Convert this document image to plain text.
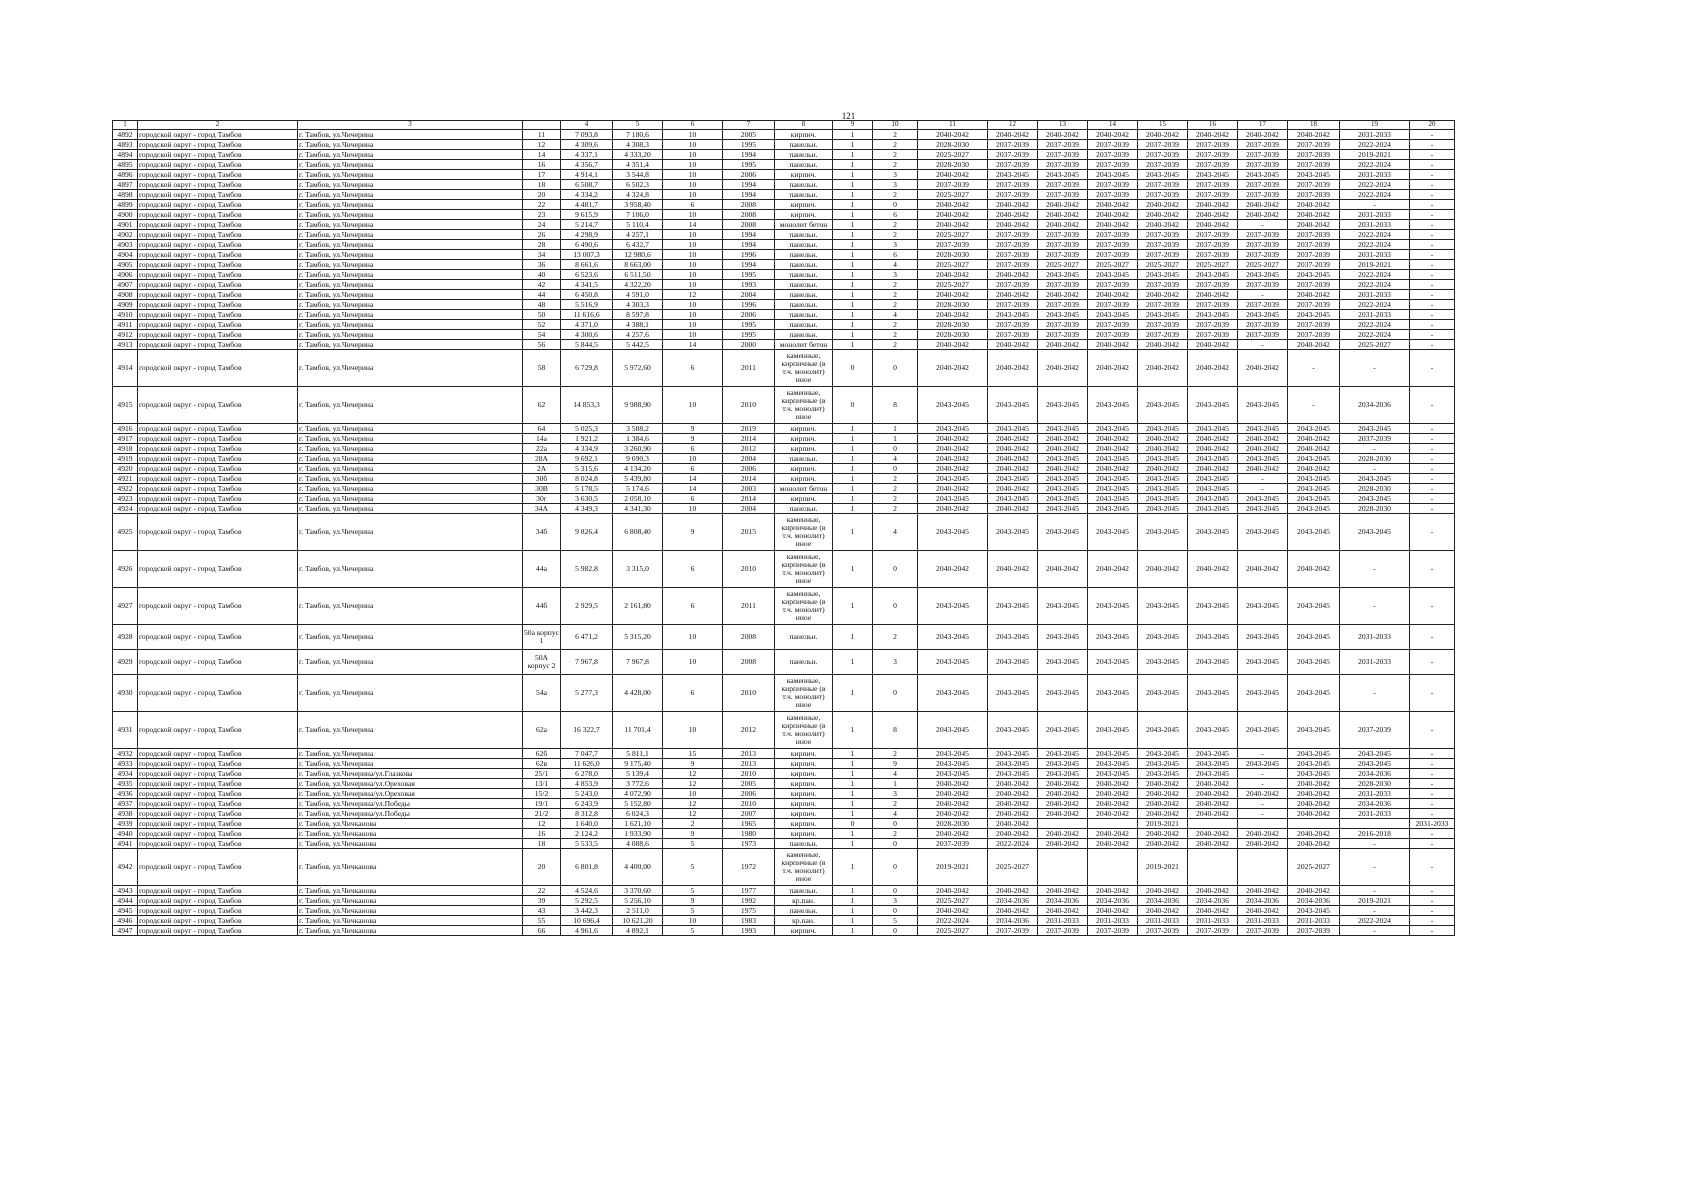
121
1	2	3		4	5	6	7	8	9	10	11	12	13	14	15	16	17	18	19	20
4892	городской округ - город Тамбов	г. Тамбов, ул.Чичерина	11	7 093,8	7 180,6	10	2005	кирпич.	1	2	2040-2042	2040-2042	2040-2042	2040-2042	2040-2042	2040-2042	2040-2042	2040-2042	2031-2033	-
4893	городской округ - город Тамбов	г. Тамбов, ул.Чичерина	12	4 309,6	4 308,3	10	1995	панельн.	1	2	2028-2030	2037-2039	2037-2039	2037-2039	2037-2039	2037-2039	2037-2039	2037-2039	2022-2024	-
4894	городской округ - город Тамбов	г. Тамбов, ул.Чичерина	14	4 337,1	4 333,20	10	1994	панельн.	1	2	2025-2027	2037-2039	2037-2039	2037-2039	2037-2039	2037-2039	2037-2039	2037-2039	2019-2021	-
4895	городской округ - город Тамбов	г. Тамбов, ул.Чичерина	16	4 356,7	4 351,4	10	1995	панельн.	1	2	2028-2030	2037-2039	2037-2039	2037-2039	2037-2039	2037-2039	2037-2039	2037-2039	2022-2024	-
4896	городской округ - город Тамбов	г. Тамбов, ул.Чичерина	17	4 914,1	3 544,8	10	2006	кирпич.	1	3	2040-2042	2043-2045	2043-2045	2043-2045	2043-2045	2043-2045	2043-2045	2043-2045	2031-2033	-
4897	городской округ - город Тамбов	г. Тамбов, ул.Чичерина	18	6 508,7	6 502,3	10	1994	панельн.	1	3	2037-2039	2037-2039	2037-2039	2037-2039	2037-2039	2037-2039	2037-2039	2037-2039	2022-2024	-
4898	городской округ - город Тамбов	г. Тамбов, ул.Чичерина	20	4 334,2	4 324,8	10	1994	панельн.	1	2	2025-2027	2037-2039	2037-2039	2037-2039	2037-2039	2037-2039	2037-2039	2037-2039	2022-2024	-
4899	городской округ - город Тамбов	г. Тамбов, ул.Чичерина	22	4 481,7	3 958,40	6	2008	кирпич.	1	0	2040-2042	2040-2042	2040-2042	2040-2042	2040-2042	2040-2042	2040-2042	2040-2042	-	-
4900	городской округ - город Тамбов	г. Тамбов, ул.Чичерина	23	9 615,9	7 106,0	10	2008	кирпич.	1	6	2040-2042	2040-2042	2040-2042	2040-2042	2040-2042	2040-2042	2040-2042	2040-2042	2031-2033	-
4901	городской округ - город Тамбов	г. Тамбов, ул.Чичерина	24	5 214,7	5 110,4	14	2008	монолит бетон	1	2	2040-2042	2040-2042	2040-2042	2040-2042	2040-2042	2040-2042	-	2040-2042	2031-2033	-
4902	городской округ - город Тамбов	г. Тамбов, ул.Чичерина	26	4 298,9	4 257,1	10	1994	панельн.	1	2	2025-2027	2037-2039	2037-2039	2037-2039	2037-2039	2037-2039	2037-2039	2037-2039	2022-2024	-
4903	городской округ - город Тамбов	г. Тамбов, ул.Чичерина	28	6 490,6	6 432,7	10	1994	панельн.	1	3	2037-2039	2037-2039	2037-2039	2037-2039	2037-2039	2037-2039	2037-2039	2037-2039	2022-2024	-
4904	городской округ - город Тамбов	г. Тамбов, ул.Чичерина	34	13 007,3	12 980,6	10	1996	панельн.	1	6	2028-2030	2037-2039	2037-2039	2037-2039	2037-2039	2037-2039	2037-2039	2037-2039	2031-2033	-
4905	городской округ - город Тамбов	г. Тамбов, ул.Чичерина	36	8 661,6	8 663,00	10	1994	панельн.	1	4	2025-2027	2037-2039	2025-2027	2025-2027	2025-2027	2025-2027	2025-2027	2037-2039	2019-2021	-
4906	городской округ - город Тамбов	г. Тамбов, ул.Чичерина	40	6 523,6	6 511,50	10	1995	панельн.	1	3	2040-2042	2040-2042	2043-2045	2043-2045	2043-2045	2043-2045	2043-2045	2043-2045	2022-2024	-
4907	городской округ - город Тамбов	г. Тамбов, ул.Чичерина	42	4 341,5	4 322,20	10	1993	панельн.	1	2	2025-2027	2037-2039	2037-2039	2037-2039	2037-2039	2037-2039	2037-2039	2037-2039	2022-2024	-
4908	городской округ - город Тамбов	г. Тамбов, ул.Чичерина	44	6 450,8	4 591,0	12	2004	панельн.	1	2	2040-2042	2040-2042	2040-2042	2040-2042	2040-2042	2040-2042	-	2040-2042	2031-2033	-
4909	городской округ - город Тамбов	г. Тамбов, ул.Чичерина	48	5 516,9	4 303,3	10	1996	панельн.	1	2	2028-2030	2037-2039	2037-2039	2037-2039	2037-2039	2037-2039	2037-2039	2037-2039	2022-2024	-
4910	городской округ - город Тамбов	г. Тамбов, ул.Чичерина	50	11 616,6	8 597,8	10	2006	панельн.	1	4	2040-2042	2043-2045	2043-2045	2043-2045	2043-2045	2043-2045	2043-2045	2043-2045	2031-2033	-
4911	городской округ - город Тамбов	г. Тамбов, ул.Чичерина	52	4 371,0	4 388,1	10	1995	панельн.	1	2	2028-2030	2037-2039	2037-2039	2037-2039	2037-2039	2037-2039	2037-2039	2037-2039	2022-2024	-
4912	городской округ - город Тамбов	г. Тамбов, ул.Чичерина	54	4 300,6	4 257,6	10	1995	панельн.	1	2	2028-2030	2037-2039	2037-2039	2037-2039	2037-2039	2037-2039	2037-2039	2037-2039	2022-2024	-
4913	городской округ - город Тамбов	г. Тамбов, ул.Чичерина	56	5 844,5	5 442,5	14	2000	монолит бетон	1	2	2040-2042	2040-2042	2040-2042	2040-2042	2040-2042	2040-2042	-	2040-2042	2025-2027	-
4914	городской округ - город Тамбов	г. Тамбов, ул.Чичерина	58	6 729,8	5 972,60	6	2011	каменные, кирпичные (в т.ч. монолит) иное	0	0	2040-2042	2040-2042	2040-2042	2040-2042	2040-2042	2040-2042	2040-2042	-	-	-
4915	городской округ - город Тамбов	г. Тамбов, ул.Чичерина	62	14 853,3	9 988,90	10	2010	каменные, кирпичные (в т.ч. монолит) иное	0	8	2043-2045	2043-2045	2043-2045	2043-2045	2043-2045	2043-2045	2043-2045	-	2034-2036	-
4916	городской округ - город Тамбов	г. Тамбов, ул.Чичерина	64	5 025,3	3 588,2	9	2019	кирпич.	1	1	2043-2045	2043-2045	2043-2045	2043-2045	2043-2045	2043-2045	2043-2045	2043-2045	2043-2045	-
4917	городской округ - город Тамбов	г. Тамбов, ул.Чичерина	14а	1 921,2	1 384,6	9	2014	кирпич.	1	1	2040-2042	2040-2042	2040-2042	2040-2042	2040-2042	2040-2042	2040-2042	2040-2042	2037-2039	-
4918	городской округ - город Тамбов	г. Тамбов, ул.Чичерина	22а	4 334,9	3 260,90	6	2012	кирпич.	1	0	2040-2042	2040-2042	2040-2042	2040-2042	2040-2042	2040-2042	2040-2042	2040-2042	-	-
4919	городской округ - город Тамбов	г. Тамбов, ул.Чичерина	28А	9 692,1	9 690,3	10	2004	панельн.	1	4	2040-2042	2040-2042	2043-2045	2043-2045	2043-2045	2043-2045	2043-2045	2043-2045	2028-2030	-
4920	городской округ - город Тамбов	г. Тамбов, ул.Чичерина	2А	5 315,6	4 134,20	6	2006	кирпич.	1	0	2040-2042	2040-2042	2040-2042	2040-2042	2040-2042	2040-2042	2040-2042	2040-2042	-	-
4921	городской округ - город Тамбов	г. Тамбов, ул.Чичерина	30б	8 024,8	5 439,80	14	2014	кирпич.	1	2	2043-2045	2043-2045	2043-2045	2043-2045	2043-2045	2043-2045	-	2043-2045	2043-2045	-
4922	городской округ - город Тамбов	г. Тамбов, ул.Чичерина	30В	5 178,5	5 174,6	14	2003	монолит бетон	1	2	2040-2042	2040-2042	2043-2045	2043-2045	2043-2045	2043-2045	-	2043-2045	2028-2030	-
4923	городской округ - город Тамбов	г. Тамбов, ул.Чичерина	30г	3 630,5	2 058,10	6	2014	кирпич.	1	2	2043-2045	2043-2045	2043-2045	2043-2045	2043-2045	2043-2045	2043-2045	2043-2045	2043-2045	-
4924	городской округ - город Тамбов	г. Тамбов, ул.Чичерина	34А	4 349,3	4 341,30	10	2004	панельн.	1	2	2040-2042	2040-2042	2043-2045	2043-2045	2043-2045	2043-2045	2043-2045	2043-2045	2028-2030	-
4925	городской округ - город Тамбов	г. Тамбов, ул.Чичерина	34б	9 826,4	6 808,40	9	2015	каменные, кирпичные (в т.ч. монолит) иное	1	4	2043-2045	2043-2045	2043-2045	2043-2045	2043-2045	2043-2045	2043-2045	2043-2045	2043-2045	-
4926	городской округ - город Тамбов	г. Тамбов, ул.Чичерина	44а	5 982,8	3 315,0	6	2010	каменные, кирпичные (в т.ч. монолит) иное	1	0	2040-2042	2040-2042	2040-2042	2040-2042	2040-2042	2040-2042	2040-2042	2040-2042	-	-
4927	городской округ - город Тамбов	г. Тамбов, ул.Чичерина	44б	2 929,5	2 161,80	6	2011	каменные, кирпичные (в т.ч. монолит) иное	1	0	2043-2045	2043-2045	2043-2045	2043-2045	2043-2045	2043-2045	2043-2045	2043-2045	-	-
4928	городской округ - город Тамбов	г. Тамбов, ул.Чичерина	50а корпус 1	6 471,2	5 315,20	10	2008	панельн.	1	2	2043-2045	2043-2045	2043-2045	2043-2045	2043-2045	2043-2045	2043-2045	2043-2045	2031-2033	-
4929	городской округ - город Тамбов	г. Тамбов, ул.Чичерина	50А корпус 2	7 967,8	7 967,8	10	2008	панельн.	1	3	2043-2045	2043-2045	2043-2045	2043-2045	2043-2045	2043-2045	2043-2045	2043-2045	2031-2033	-
4930	городской округ - город Тамбов	г. Тамбов, ул.Чичерина	54а	5 277,3	4 428,00	6	2010	каменные, кирпичные (в т.ч. монолит) иное	1	0	2043-2045	2043-2045	2043-2045	2043-2045	2043-2045	2043-2045	2043-2045	2043-2045	-	-
4931	городской округ - город Тамбов	г. Тамбов, ул.Чичерина	62а	16 322,7	11 701,4	10	2012	каменные, кирпичные (в т.ч. монолит) иное	1	8	2043-2045	2043-2045	2043-2045	2043-2045	2043-2045	2043-2045	2043-2045	2043-2045	2037-2039	-
4932	городской округ - город Тамбов	г. Тамбов, ул.Чичерина	62б	7 047,7	5 811,1	15	2013	кирпич.	1	2	2043-2045	2043-2045	2043-2045	2043-2045	2043-2045	2043-2045	-	2043-2045	2043-2045	-
4933	городской округ - город Тамбов	г. Тамбов, ул.Чичерина	62в	11 626,0	9 175,40	9	2013	кирпич.	1	9	2043-2045	2043-2045	2043-2045	2043-2045	2043-2045	2043-2045	2043-2045	2043-2045	2043-2045	-
4934	городской округ - город Тамбов	г. Тамбов, ул.Чичерина/ул.Глазкова	25/1	6 278,0	5 139,4	12	2010	кирпич.	1	4	2043-2045	2043-2045	2043-2045	2043-2045	2043-2045	2043-2045	-	2043-2045	2034-2036	-
4935	городской округ - город Тамбов	г. Тамбов, ул.Чичерина/ул.Ореховая	13/1	4 853,9	3 772,6	12	2005	кирпич.	1	1	2040-2042	2040-2042	2040-2042	2040-2042	2040-2042	2040-2042	-	2040-2042	2028-2030	-
4936	городской округ - город Тамбов	г. Тамбов, ул.Чичерина/ул.Ореховая	15/2	5 243,0	4 072,90	10	2006	кирпич.	1	3	2040-2042	2040-2042	2040-2042	2040-2042	2040-2042	2040-2042	2040-2042	2040-2042	2031-2033	-
4937	городской округ - город Тамбов	г. Тамбов, ул.Чичерина/ул.Победы	19/1	6 243,9	5 152,80	12	2010	кирпич.	1	2	2040-2042	2040-2042	2040-2042	2040-2042	2040-2042	2040-2042	-	2040-2042	2034-2036	-
4938	городской округ - город Тамбов	г. Тамбов, ул.Чичерина/ул.Победы	21/2	8 312,8	6 024,3	12	2007	кирпич.	1	4	2040-2042	2040-2042	2040-2042	2040-2042	2040-2042	2040-2042	-	2040-2042	2031-2033	-
4939	городской округ - город Тамбов	г. Тамбов, ул.Чичканова	12	1 640,0	1 621,10	2	1965	кирпич.	0	0	2028-2030	2040-2042			2019-2021					2031-2033
4940	городской округ - город Тамбов	г. Тамбов, ул.Чичканова	16	2 124,2	1 933,90	9	1980	кирпич.	1	2	2040-2042	2040-2042	2040-2042	2040-2042	2040-2042	2040-2042	2040-2042	2040-2042	2016-2018	-
4941	городской округ - город Тамбов	г. Тамбов, ул.Чичканова	18	5 533,5	4 088,6	5	1973	панельн.	1	0	2037-2039	2022-2024	2040-2042	2040-2042	2040-2042	2040-2042	2040-2042	2040-2042	-	-
4942	городской округ - город Тамбов	г. Тамбов, ул.Чичканова	20	6 801,8	4 400,00	5	1972	каменные, кирпичные (в т.ч. монолит) иное	1	0	2019-2021	2025-2027			2019-2021			2025-2027	-	-
4943	городской округ - город Тамбов	г. Тамбов, ул.Чичканова	22	4 524,6	3 370,60	5	1977	панельн.	1	0	2040-2042	2040-2042	2040-2042	2040-2042	2040-2042	2040-2042	2040-2042	2040-2042	-	-
4944	городской округ - город Тамбов	г. Тамбов, ул.Чичканова	39	5 292,5	5 256,10	9	1992	кр.пан.	1	3	2025-2027	2034-2036	2034-2036	2034-2036	2034-2036	2034-2036	2034-2036	2034-2036	2019-2021	-
4945	городской округ - город Тамбов	г. Тамбов, ул.Чичканова	43	3 442,3	2 511,0	5	1975	панельн.	1	0	2040-2042	2040-2042	2040-2042	2040-2042	2040-2042	2040-2042	2040-2042	2043-2045	-	-
4946	городской округ - город Тамбов	г. Тамбов, ул.Чичканова	55	10 696,4	10 621,20	10	1983	кр.пан.	1	5	2022-2024	2034-2036	2031-2033	2031-2033	2031-2033	2031-2033	2031-2033	2031-2033	2022-2024	-
4947	городской округ - город Тамбов	г. Тамбов, ул.Чичканова	66	4 961,6	4 892,1	5	1993	кирпич.	1	0	2025-2027	2037-2039	2037-2039	2037-2039	2037-2039	2037-2039	2037-2039	2037-2039	-	-
